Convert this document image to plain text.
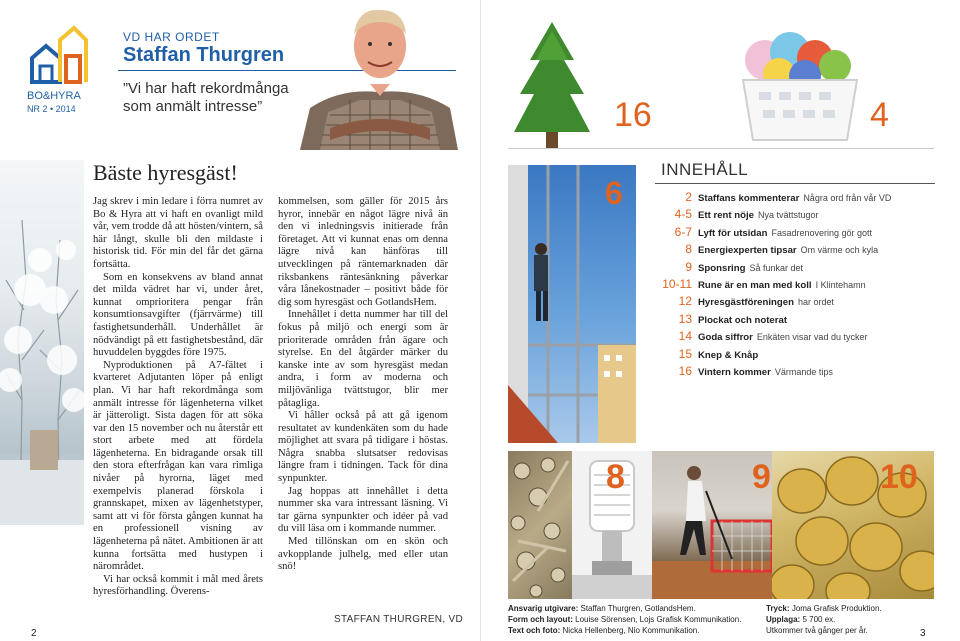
BO&HYRA
NR 2 • 2014
VD HAR ORDET
Staffan Thurgren
”Vi har haft rekordmånga som anmält intresse”
Bäste hyresgäst!

Jag skrev i min ledare i förra numret av Bo & Hyra att vi haft en ovanligt mild vår, vem trodde då att hösten/vintern, så här långt, skulle bli den mildaste i historisk tid. För min del får det gärna fortsätta.

Som en konsekvens av bland annat det milda vädret har vi, under året, kunnat omprioritera pengar från konsumtionsavgifter (fjärrvärme) till fastighetsunderhåll. Underhållet är nödvändigt på ett fastighetsbestånd, där huvuddelen byggdes före 1975.

Nyproduktionen på A7-fältet i kvarteret Adjutanten löper på enligt plan. Vi har haft rekordmånga som anmält intresse för lägenheterna vilket är jätteroligt. Sista dagen för att söka var den 15 november och nu återstår ett stort arbete med att fördela lägenheterna. En bidragande orsak till den stora efterfrågan kan vara rimliga nivåer på hyrorna, läget med exempelvis planerad förskola i grannskapet, mixen av lägenhetstyper, samt att vi för första gången kunnat ha en professionell visning av lägenheterna på nätet. Ambitionen är att kunna fortsätta med hustypen i närområdet.

Vi har också kommit i mål med årets hyresförhandling. Överens-

kommelsen, som gäller för 2015 års hyror, innebär en något lägre nivå än den vi inledningsvis initierade från företaget. Att vi kunnat enas om denna lägre nivå kan hänföras till utvecklingen på räntemarknaden där riksbankens räntesänkning påverkar våra lånekostnader – positivt både för dig som hyresgäst och GotlandsHem.

Innehållet i detta nummer har till del fokus på miljö och energi som är prioriterade områden från ägare och styrelse. En del åtgärder märker du kanske inte av som hyresgäst medan andra, i form av moderna och miljövänliga tvättstugor, blir mer påtagliga.

Vi håller också på att gå igenom resultatet av kundenkäten som du hade möjlighet att svara på tidigare i höstas. Några snabba slutsatser redovisas längre fram i tidningen. Tack för dina synpunkter.

Jag hoppas att innehållet i detta nummer ska vara intressant läsning. Vi tar gärna synpunkter och idéer på vad du vill läsa om i kommande nummer.

Med tillönskan om en skön och avkopplande julhelg, med eller utan snö!

STAFFAN THURGREN, VD
2
16	4
6
INNEHÅLL
2 Staffans kommenterar Några ord från vår VD
4-5 Ett rent nöje Nya tvättstugor
6-7 Lyft för utsidan Fasadrenovering gör gott
8 Energiexperten tipsar Om värme och kyla
9 Sponsring Så funkar det
10-11 Rune är en man med koll I Klintehamn
12 Hyresgästföreningen har ordet
13 Plockat och noterat
14 Goda siffror Enkäten visar vad du tycker
15 Knep & Knåp
16 Vintern kommer Värmande tips
8	9	10
Ansvarig utgivare: Staffan Thurgren, GotlandsHem.
Form och layout: Louise Sörensen, Lojs Grafisk Kommunikation.
Text och foto: Nicka Hellenberg, Nio Kommunikation.
Tryck: Joma Grafisk Produktion.
Upplaga: 5 700 ex.
Utkommer två gånger per år.	3
